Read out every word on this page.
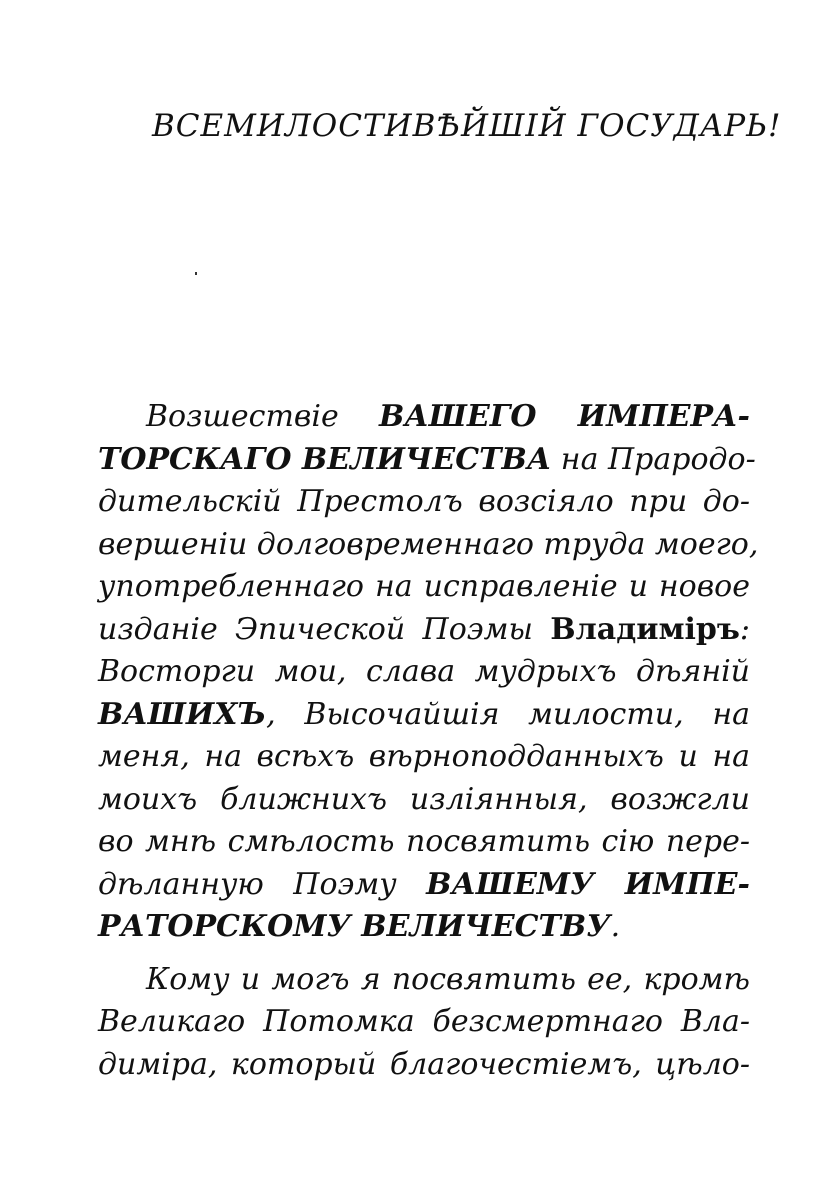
ВСЕМИЛОСТИВѢЙШІЙ ГОСУДАРЬ!
Возшествіе ВАШЕГО ИМПЕРА-
ТОРСКАГО ВЕЛИЧЕСТВА на Прародо-
дительскій Престолъ возсіяло при до-
вершеніи долговременнаго труда моего,
употребленнаго на исправленіе и новое
изданіе Эпической Поэмы Владиміръ:
Восторги мои, слава мудрыхъ дѣяній
ВАШИХЪ, Высочайшія милости, на
меня, на всѣхъ вѣрноподданныхъ и на
моихъ ближнихъ изліянныя, возжгли
во мнѣ смѣлость посвятить сію пере-
дѣланную Поэму ВАШЕМУ ИМПЕ-
РАТОРСКОМУ ВЕЛИЧЕСТВУ.
Кому и могъ я посвятить ее, кромѣ
Великаго Потомка безсмертнаго Вла-
диміра, который благочестіемъ, цѣло-
